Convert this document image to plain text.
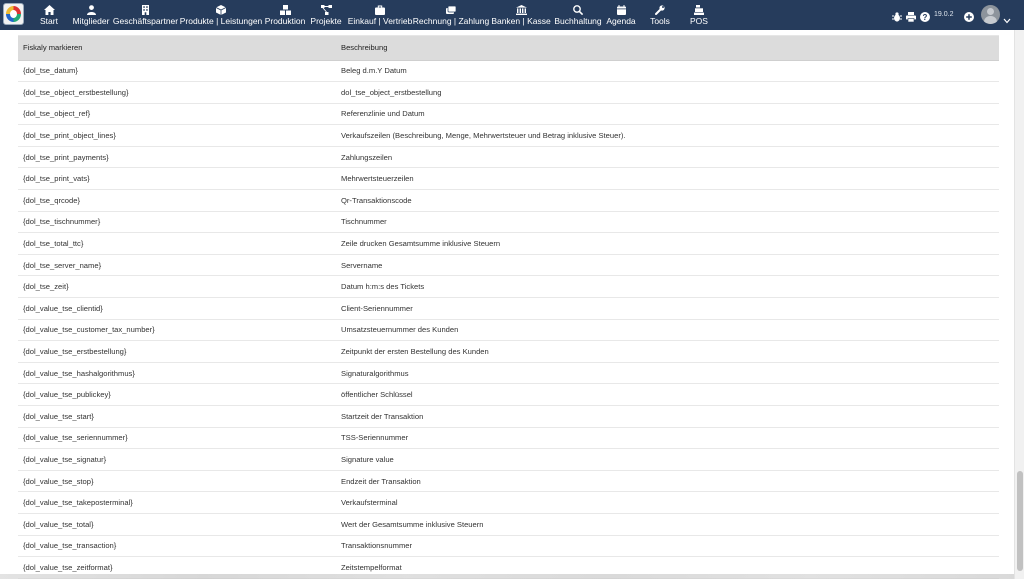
Start Mitglieder Geschäftspartner Produkte | Leistungen Produktion Projekte Einkauf | Vertrieb Rechnung | Zahlung Banken | Kasse Buchhaltung Agenda Tools POS	? 19.0.2
Fiskaly markieren	Beschreibung
{dol_tse_datum}	Beleg d.m.Y Datum
{dol_tse_object_erstbestellung}	dol_tse_object_erstbestellung
{dol_tse_object_ref}	Referenzlinie und Datum
{dol_tse_print_object_lines}	Verkaufszeilen (Beschreibung, Menge, Mehrwertsteuer und Betrag inklusive Steuer).
{dol_tse_print_payments}	Zahlungszeilen
{dol_tse_print_vats}	Mehrwertsteuerzeilen
{dol_tse_qrcode}	Qr-Transaktionscode
{dol_tse_tischnummer}	Tischnummer
{dol_tse_total_ttc}	Zeile drucken Gesamtsumme inklusive Steuern
{dol_tse_server_name}	Servername
{dol_tse_zeit}	Datum h:m:s des Tickets
{dol_value_tse_clientid}	Client-Seriennummer
{dol_value_tse_customer_tax_number}	Umsatzsteuernummer des Kunden
{dol_value_tse_erstbestellung}	Zeitpunkt der ersten Bestellung des Kunden
{dol_value_tse_hashalgorithmus}	Signaturalgorithmus
{dol_value_tse_publickey}	öffentlicher Schlüssel
{dol_value_tse_start}	Startzeit der Transaktion
{dol_value_tse_seriennummer}	TSS-Seriennummer
{dol_value_tse_signatur}	Signature value
{dol_value_tse_stop}	Endzeit der Transaktion
{dol_value_tse_takeposterminal}	Verkaufsterminal
{dol_value_tse_total}	Wert der Gesamtsumme inklusive Steuern
{dol_value_tse_transaction}	Transaktionsnummer
{dol_value_tse_zeitformat}	Zeitstempelformat
